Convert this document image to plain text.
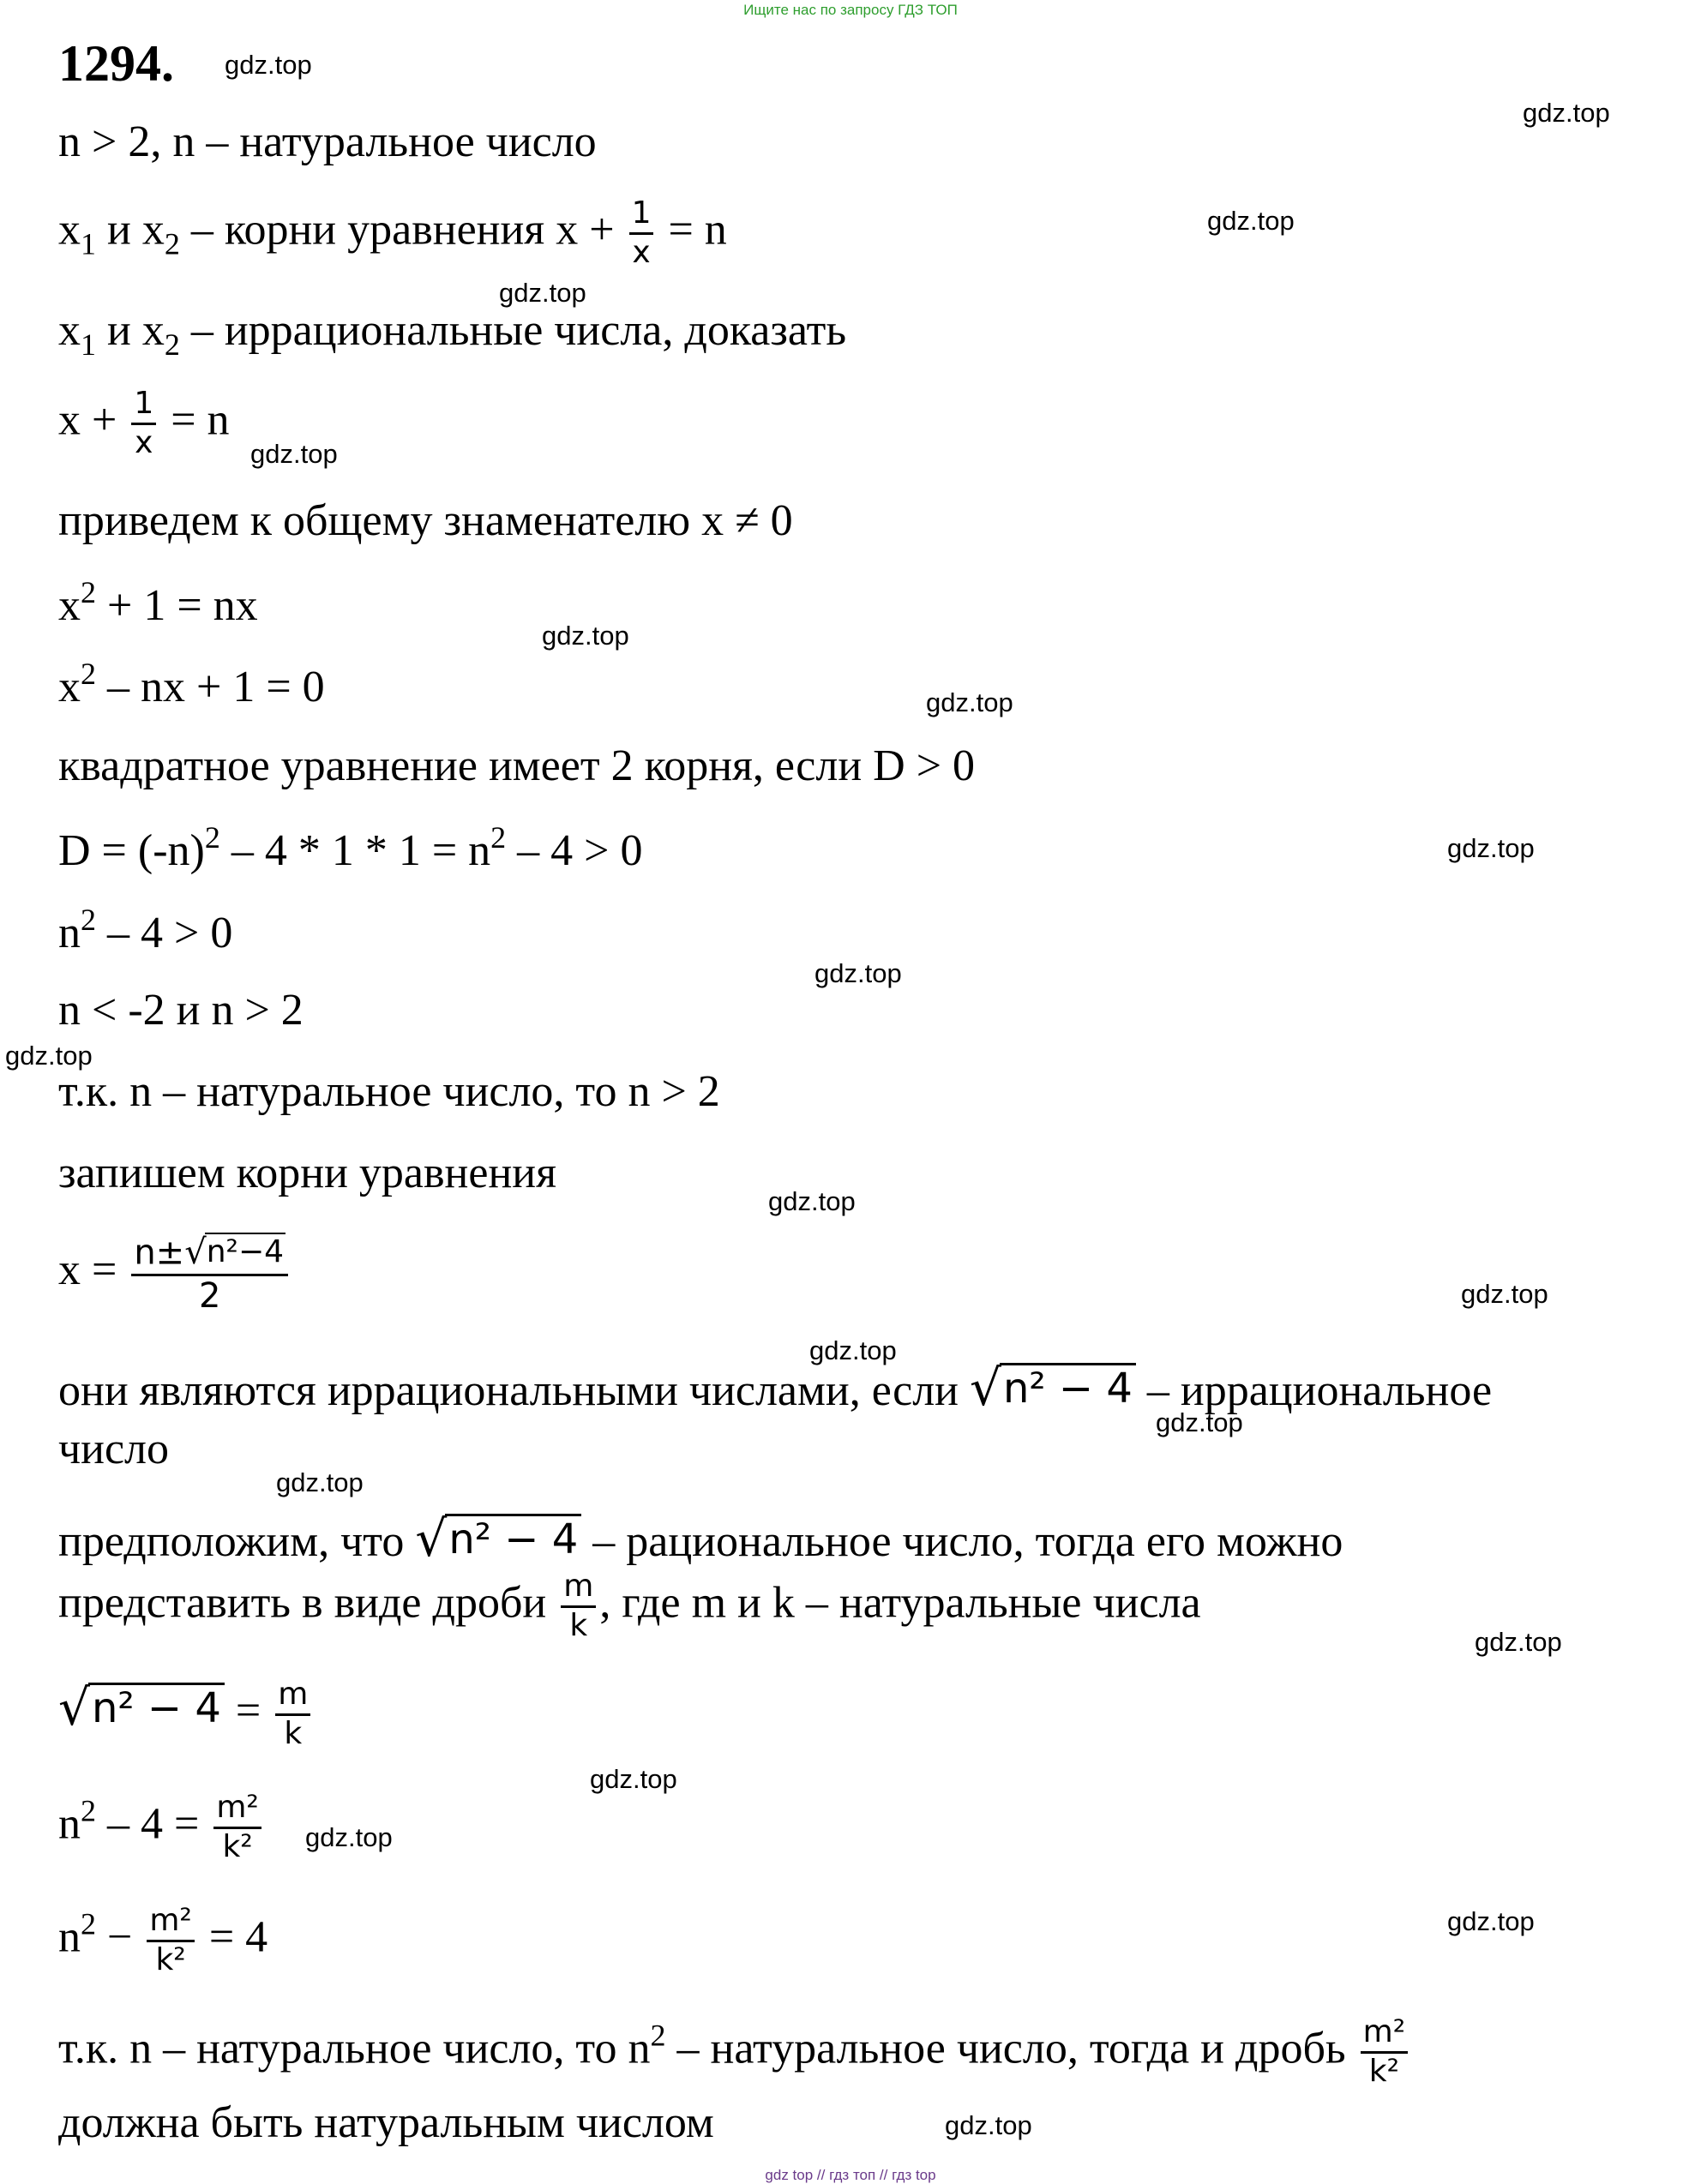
Ищите нас по запросу ГДЗ ТОП
1294.
n > 2, n – натуральное число
$x_1$ и $x_2$ – корни уравнения $x + \frac{1}{x} = n$
$x_1$ и $x_2$ – иррациональные числа, доказать
$x + \frac{1}{x} = n$
приведем к общему знаменателю x ≠ 0
$x^2 + 1$ = nx
$x^2$ – nx + 1 = 0
квадратное уравнение имеет 2 корня, если D > 0
$D = (-n)^2 - 4 * 1 * 1 = n^2 - 4 > 0$
$n^2 - 4 > 0$
n < -2 и n > 2
т.к. n – натуральное число, то n > 2
запишем корни уравнения
$x = \frac{\text{n± √ n²−4}}{2}$
они являются иррациональными числами, если √ n² − 4 – иррациональное
число
предположим, что √ n² − 4 – рациональное число, тогда его можно
представить в виде дроби $\frac{m}{k}$ , где m и k – натуральные числа
√ $n^2 - 4 = \frac{m}{k}$
$n^2 - 4 = \frac{\text{m²}}{\text{k²}}$
$n^2 - \frac{\text{m²}}{\text{k²}} = 4$
т.к. n – натуральное число, то $n^2$ – натуральное число, тогда и дробь $\frac{\text{m²}}{\text{k²}}$
должна быть натуральным числом
gdz.top
gdz.top
gdz.top
gdz.top
gdz.top
gdz.top
gdz.top
gdz.top
gdz.top
gdz.top
gdz.top
gdz.top
gdz.top
gdz.top
gdz.top
gdz.top
gdz.top
gdz.top
gdz.top
gdz.top
gdz top // гдз топ // гдз top
